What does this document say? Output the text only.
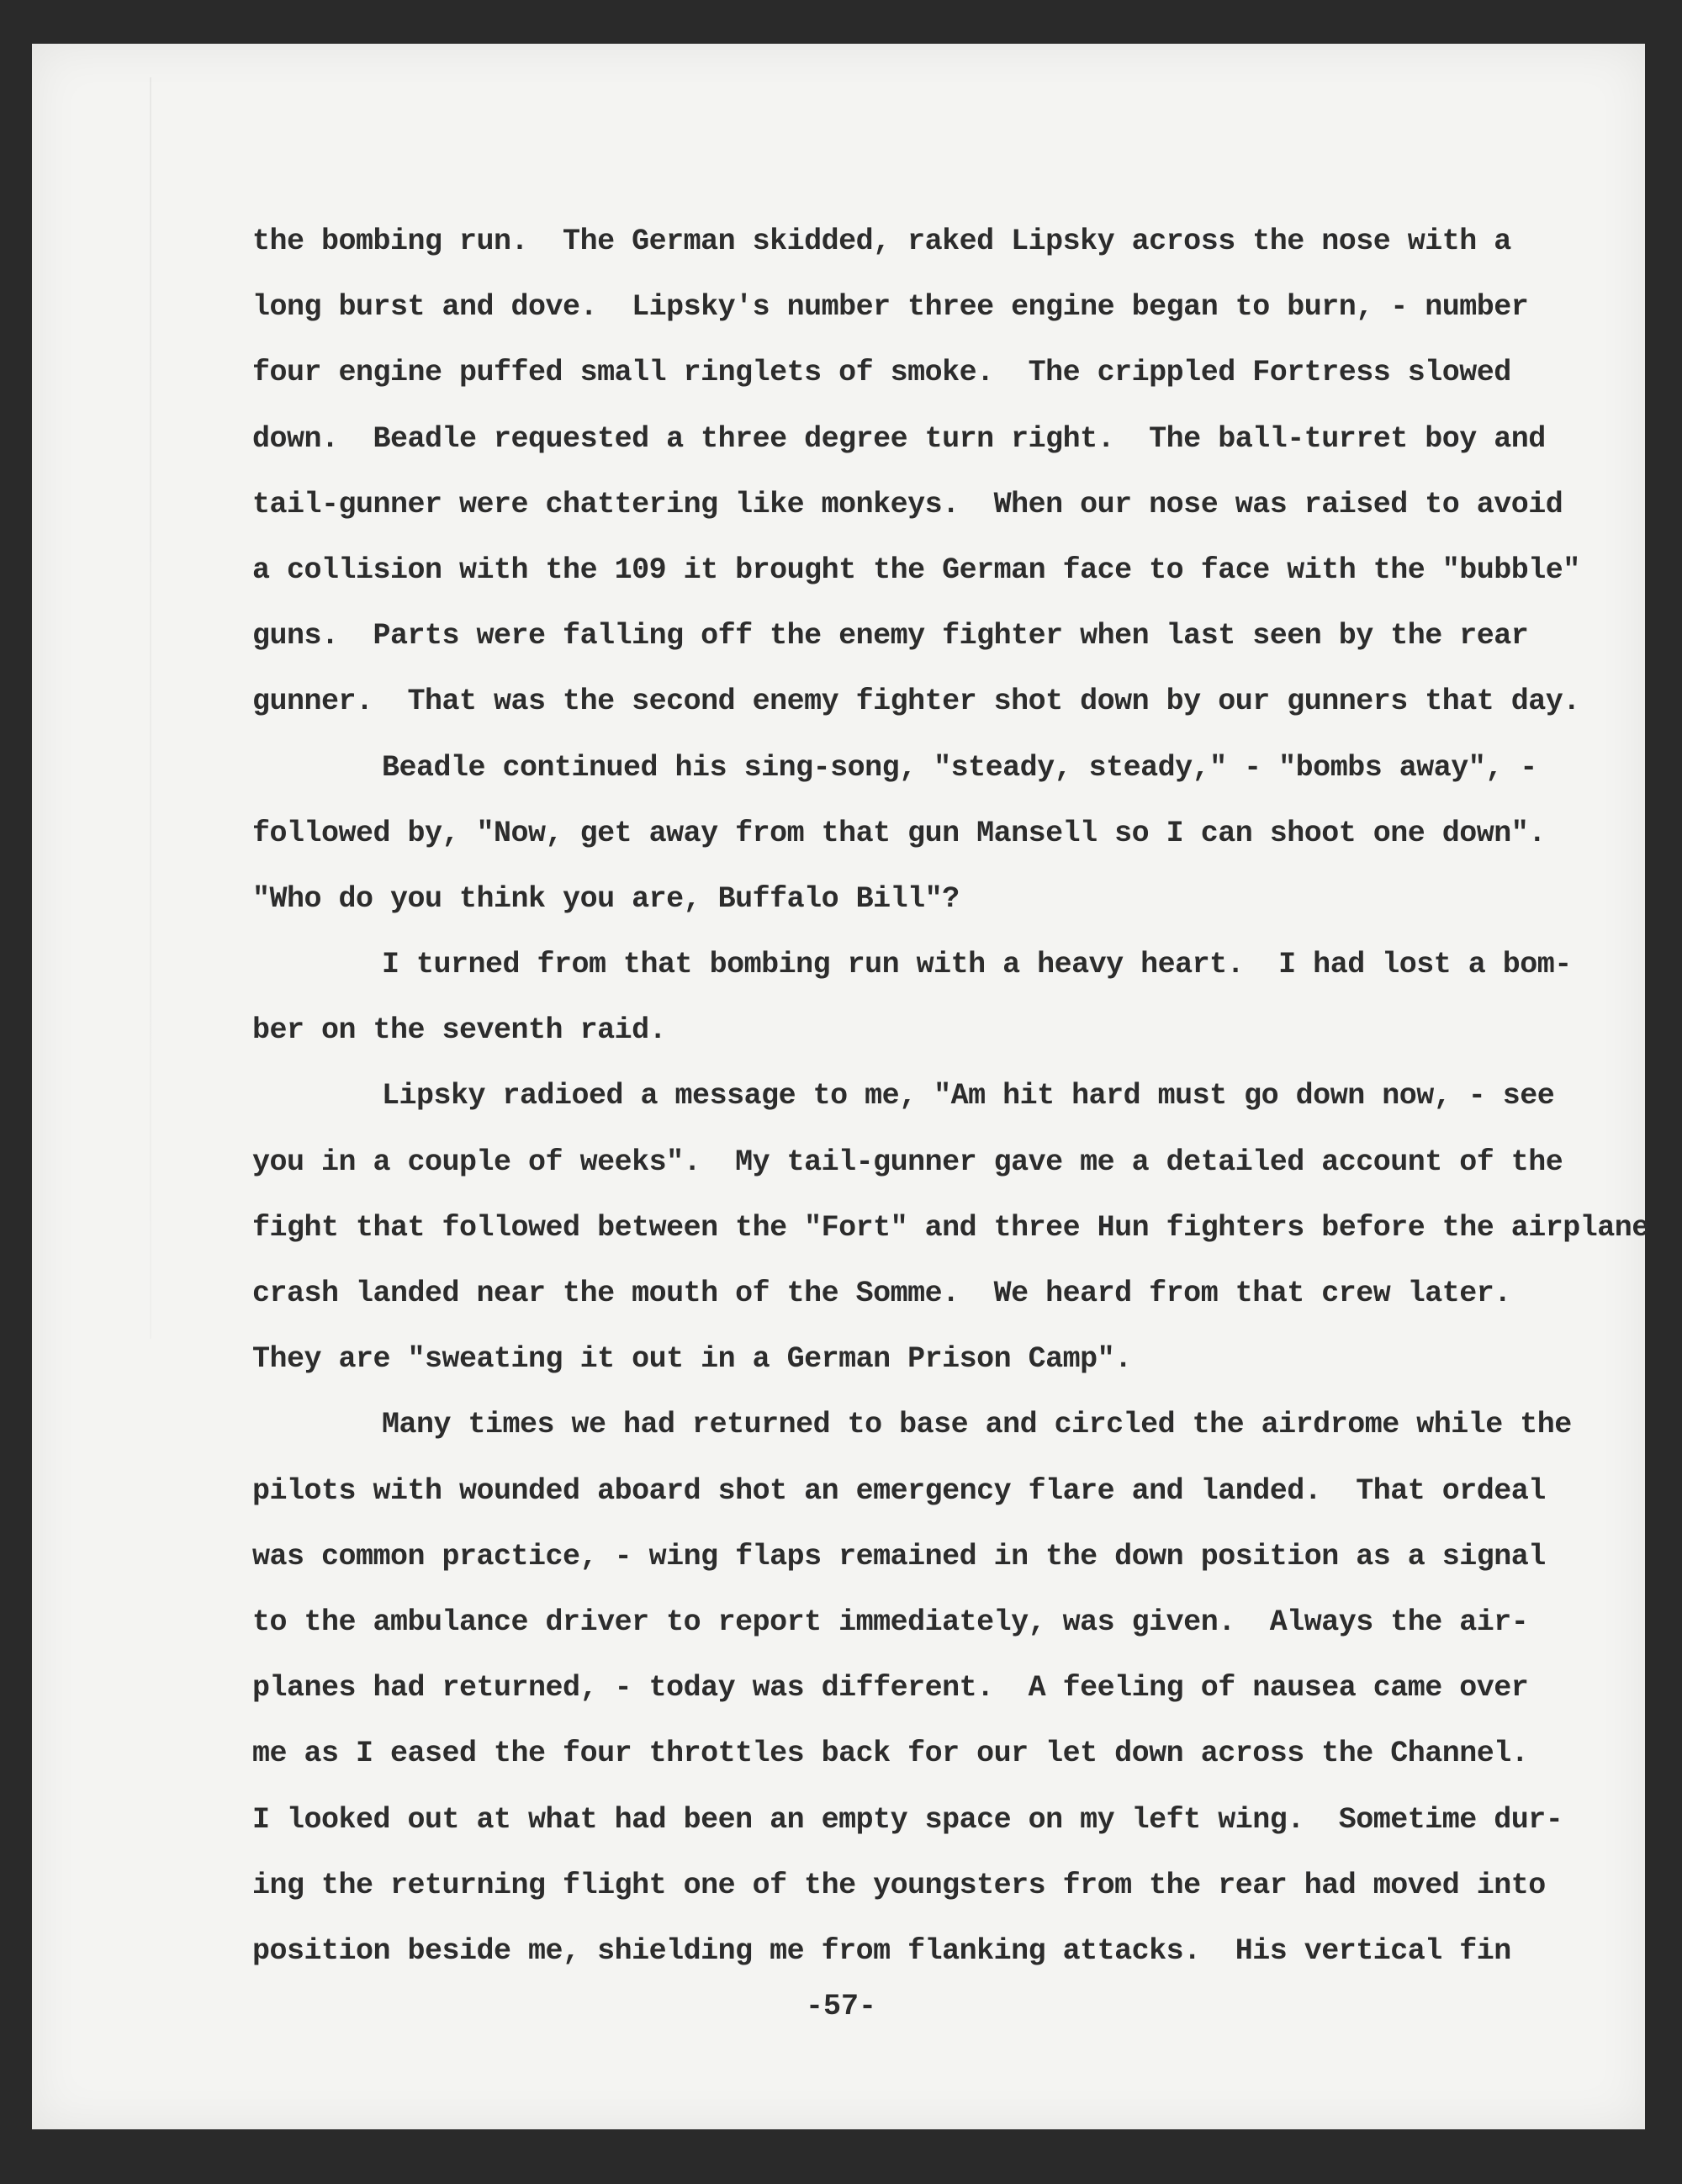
the bombing run.  The German skidded, raked Lipsky across the nose with a
long burst and dove.  Lipsky's number three engine began to burn, - number
four engine puffed small ringlets of smoke.  The crippled Fortress slowed
down.  Beadle requested a three degree turn right.  The ball-turret boy and
tail-gunner were chattering like monkeys.  When our nose was raised to avoid
a collision with the 109 it brought the German face to face with the "bubble"
guns.  Parts were falling off the enemy fighter when last seen by the rear
gunner.  That was the second enemy fighter shot down by our gunners that day.
Beadle continued his sing-song, "steady, steady," - "bombs away", -
followed by, "Now, get away from that gun Mansell so I can shoot one down".
"Who do you think you are, Buffalo Bill"?
I turned from that bombing run with a heavy heart.  I had lost a bom-
ber on the seventh raid.
Lipsky radioed a message to me, "Am hit hard must go down now, - see
you in a couple of weeks".  My tail-gunner gave me a detailed account of the
fight that followed between the "Fort" and three Hun fighters before the airplane
crash landed near the mouth of the Somme.  We heard from that crew later.
They are "sweating it out in a German Prison Camp".
Many times we had returned to base and circled the airdrome while the
pilots with wounded aboard shot an emergency flare and landed.  That ordeal
was common practice, - wing flaps remained in the down position as a signal
to the ambulance driver to report immediately, was given.  Always the air-
planes had returned, - today was different.  A feeling of nausea came over
me as I eased the four throttles back for our let down across the Channel.
I looked out at what had been an empty space on my left wing.  Sometime dur-
ing the returning flight one of the youngsters from the rear had moved into
position beside me, shielding me from flanking attacks.  His vertical fin
-57-
